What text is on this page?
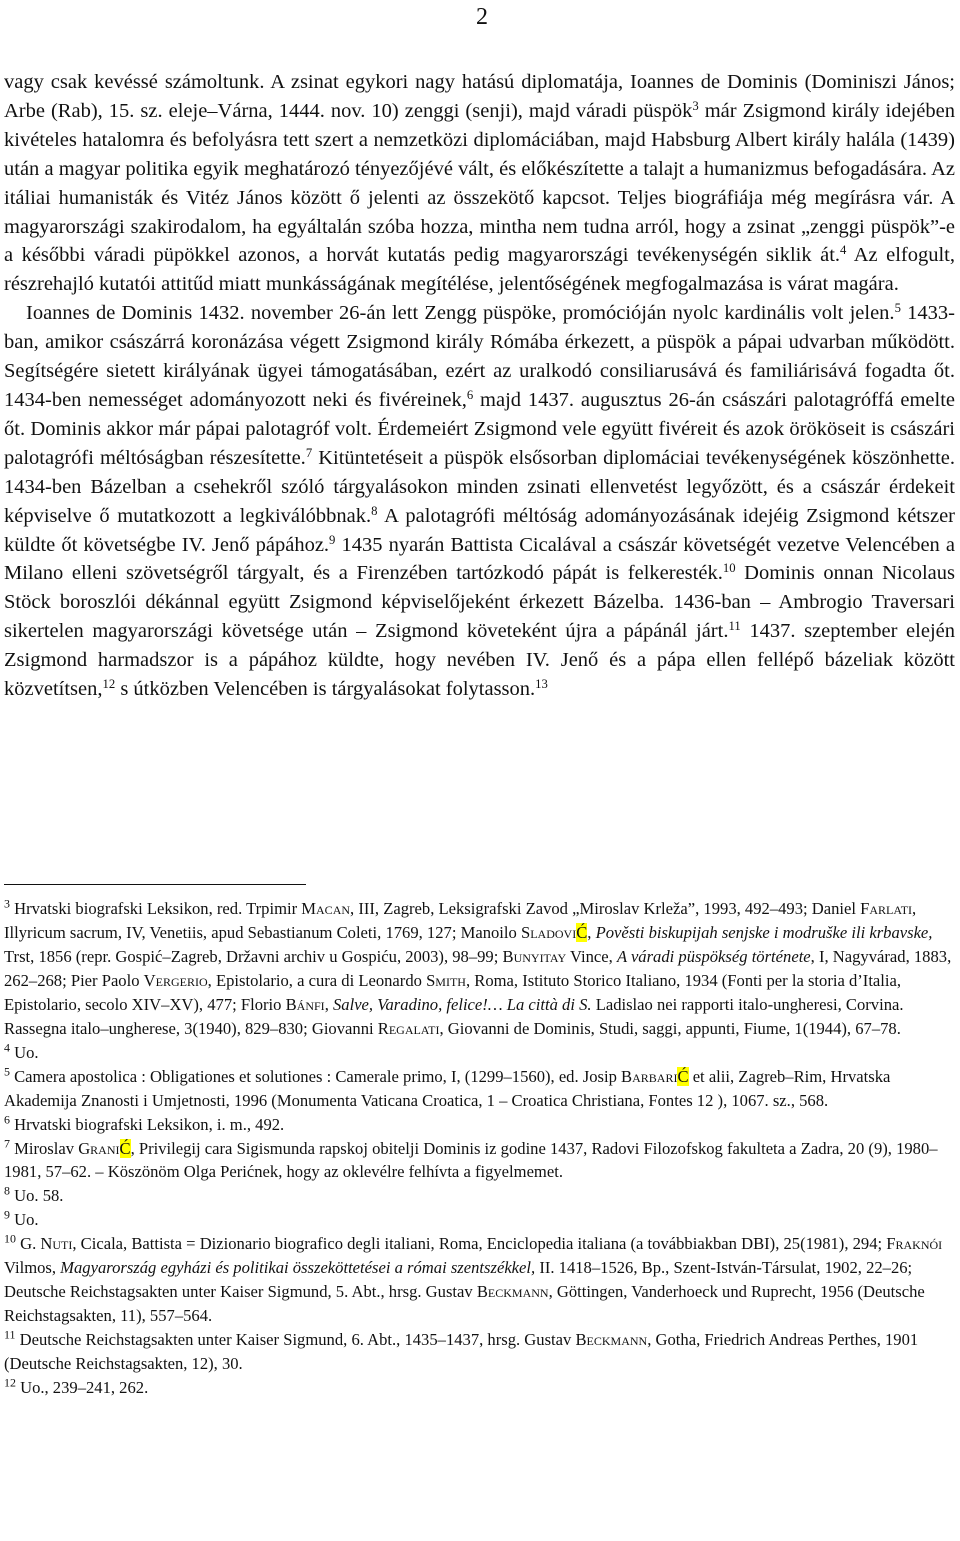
2

vagy csak kevéssé számoltunk. A zsinat egykori nagy hatású diplomatája, Ioannes de Dominis (Dominiszi János; Arbe (Rab), 15. sz. eleje–Várna, 1444. nov. 10) zenggi (senji), majd váradi püspök$^3$ már Zsigmond király idejében kivételes hatalomra és befolyásra tett szert a nemzetközi diplomáciában, majd Habsburg Albert király halála (1439) után a magyar politika egyik meghatározó tényezőjévé vált, és előkészítette a talajt a humanizmus befogadására. Az itáliai humanisták és Vitéz János között ő jelenti az összekötő kapcsot. Teljes biográfiája még megírásra vár. A magyarországi szakirodalom, ha egyáltalán szóba hozza, mintha nem tudna arról, hogy a zsinat „zenggi püspök”-e a későbbi váradi püpökkel azonos, a horvát kutatás pedig magyarországi tevékenységén siklik át.$^4$ Az elfogult, részrehajló kutatói attitűd miatt munkásságának megítélése, jelentőségének megfogalmazása is várat magára.

Ioannes de Dominis 1432. november 26-án lett Zengg püspöke, promócióján nyolc kardinális volt jelen.$^5$ 1433-ban, amikor császárrá koronázása végett Zsigmond király Rómába érkezett, a püspök a pápai udvarban működött. Segítségére sietett királyának ügyei támogatásában, ezért az uralkodó consiliarusává és familiárisává fogadta őt. 1434-ben nemességet adományozott neki és fivéreinek,$^6$ majd 1437. augusztus 26-án császári palotagróffá emelte őt. Dominis akkor már pápai palotagróf volt. Érdemeiért Zsigmond vele együtt fivéreit és azok örököseit is császári palotagrófi méltóságban részesítette.$^7$ Kitüntetéseit a püspök elsősorban diplomáciai tevékenységének köszönhette. 1434-ben Bázelban a csehekről szóló tárgyalásokon minden zsinati ellenvetést legyőzött, és a császár érdekeit képviselve ő mutatkozott a legkiválóbbnak.$^8$ A palotagrófi méltóság adományozásának idejéig Zsigmond kétszer küldte őt követségbe IV. Jenő pápához.$^9$ 1435 nyarán Battista Cicalával a császár követségét vezetve Velencében a Milano elleni szövetségről tárgyalt, és a Firenzében tartózkodó pápát is felkeresték.$^{10}$ Dominis onnan Nicolaus Stöck boroszlói dékánnal együtt Zsigmond képviselőjeként érkezett Bázelba. 1436-ban – Ambrogio Traversari sikertelen magyarországi követsége után – Zsigmond követeként újra a pápánál járt.$^{11}$ 1437. szeptember elején Zsigmond harmadszor is a pápához küldte, hogy nevében IV. Jenő és a pápa ellen fellépő bázeliak között közvetítsen,$^{12}$ s útközben Velencében is tárgyalásokat folytasson.$^{13}$

$^3$ Hrvatski biografski Leksikon, red. Trpimir Macan, III, Zagreb, Leksigrafski Zavod „Miroslav Krleža”, 1993, 492–493; Daniel Farlati, Illyricum sacrum, IV, Venetiis, apud Sebastianum Coleti, 1769, 127; Manoilo SladoviĆ, Pověsti biskupijah senjske i modruške ili krbavske, Trst, 1856 (repr. Gospić–Zagreb, Državni archiv u Gospiću, 2003), 98–99; Bunyitay Vince, A váradi püspökség története, I, Nagyvárad, 1883, 262–268; Pier Paolo Vergerio, Epistolario, a cura di Leonardo Smith, Roma, Istituto Storico Italiano, 1934 (Fonti per la storia d’Italia, Epistolario, secolo XIV–XV), 477; Florio Bánfi, Salve, Varadino, felice!… La città di S. Ladislao nei rapporti italo-ungheresi, Corvina. Rassegna italo–ungherese, 3(1940), 829–830; Giovanni Regalati, Giovanni de Dominis, Studi, saggi, appunti, Fiume, 1(1944), 67–78.

$^4$ Uo.

$^5$ Camera apostolica : Obligationes et solutiones : Camerale primo, I, (1299–1560), ed. Josip BarbariĆ et alii, Zagreb–Rim, Hrvatska Akademija Znanosti i Umjetnosti, 1996 (Monumenta Vaticana Croatica, 1 – Croatica Christiana, Fontes 12 ), 1067. sz., 568.

$^6$ Hrvatski biografski Leksikon, i. m., 492.

$^7$ Miroslav GraniĆ, Privilegij cara Sigismunda rapskoj obitelji Dominis iz godine 1437, Radovi Filozofskog fakulteta a Zadra, 20 (9), 1980–1981, 57–62. – Köszönöm Olga Perićnek, hogy az oklevélre felhívta a figyelmemet.

$^8$ Uo. 58.

$^9$ Uo.

$^{10}$ G. Nuti, Cicala, Battista = Dizionario biografico degli italiani, Roma, Enciclopedia italiana (a továbbiakban DBI), 25(1981), 294; Fraknói Vilmos, Magyarország egyházi és politikai összeköttetései a római szentszékkel, II. 1418–1526, Bp., Szent-István-Társulat, 1902, 22–26; Deutsche Reichstagsakten unter Kaiser Sigmund, 5. Abt., hrsg. Gustav Beckmann, Göttingen, Vanderhoeck und Ruprecht, 1956 (Deutsche Reichstagsakten, 11), 557–564.

$^{11}$ Deutsche Reichstagsakten unter Kaiser Sigmund, 6. Abt., 1435–1437, hrsg. Gustav Beckmann, Gotha, Friedrich Andreas Perthes, 1901 (Deutsche Reichstagsakten, 12), 30.

$^{12}$ Uo., 239–241, 262.
